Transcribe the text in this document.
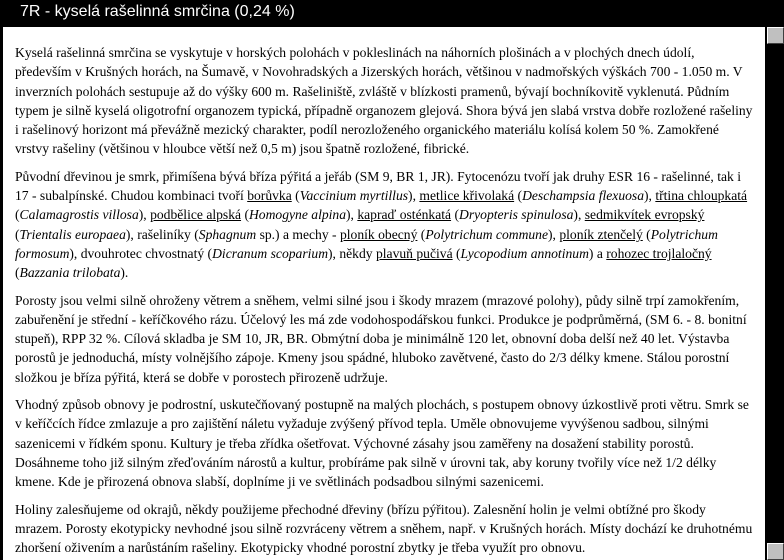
7R - kyselá rašelinná smrčina (0,24 %)

Kyselá rašelinná smrčina se vyskytuje v horských polohách v pokleslinách na náhorních plošinách a v plochých dnech údolí, především v Krušných horách, na Šumavě, v Novohradských a Jizerských horách, většinou v nadmořských výškách 700 - 1.050 m. V inverzních polohách sestupuje až do výšky 600 m. Rašeliniště, zvláště v blízkosti pramenů, bývají bochníkovitě vyklenutá. Půdním typem je silně kyselá oligotrofní organozem typická, případně organozem glejová. Shora bývá jen slabá vrstva dobře rozložené rašeliny i rašelinový horizont má převážně mezický charakter, podíl nerozloženého organického materiálu kolísá kolem 50 %. Zamokřené vrstvy rašeliny (většinou v hloubce větší než 0,5 m) jsou špatně rozložené, fibrické.

Původní dřevinou je smrk, přimíšena bývá bříza pýřitá a jeřáb (SM 9, BR 1, JR). Fytocenózu tvoří jak druhy ESR 16 - rašelinné, tak i 17 - subalpínské. Chudou kombinaci tvoří borůvka (Vaccinium myrtillus), metlice křivolaká (Deschampsia flexuosa), třtina chloupkatá (Calamagrostis villosa), podbělice alpská (Homogyne alpina), kapraď osténkatá (Dryopteris spinulosa), sedmikvítek evropský (Trientalis europaea), rašeliníky (Sphagnum sp.) a mechy - ploník obecný (Polytrichum commune), ploník ztenčelý (Polytrichum formosum), dvouhrotec chvostnatý (Dicranum scoparium), někdy plavuň pučivá (Lycopodium annotinum) a rohozec trojlaločný (Bazzania trilobata).

Porosty jsou velmi silně ohroženy větrem a sněhem, velmi silné jsou i škody mrazem (mrazové polohy), půdy silně trpí zamokřením, zabuřenění je střední - keříčkového rázu. Účelový les má zde vodohospodářskou funkci. Produkce je podprůměrná, (SM 6. - 8. bonitní stupeň), RPP 32 %. Cílová skladba je SM 10, JR, BR. Obmýtní doba je minimálně 120 let, obnovní doba delší než 40 let. Výstavba porostů je jednoduchá, místy volnějšího zápoje. Kmeny jsou spádné, hluboko zavětvené, často do 2/3 délky kmene. Stálou porostní složkou je bříza pýřitá, která se dobře v porostech přirozeně udržuje.

Vhodný způsob obnovy je podrostní, uskutečňovaný postupně na malých plochách, s postupem obnovy úzkostlivě proti větru. Smrk se v keříčcích řídce zmlazuje a pro zajištění náletu vyžaduje zvýšený přívod tepla. Uměle obnovujeme vyvýšenou sadbou, silnými sazenicemi v řídkém sponu. Kultury je třeba zřídka ošetřovat. Výchovné zásahy jsou zaměřeny na dosažení stability porostů. Dosáhneme toho již silným zřeďováním nárostů a kultur, probíráme pak silně v úrovni tak, aby koruny tvořily více než 1/2 délky kmene. Kde je přirozená obnova slabší, doplníme ji ve světlinách podsadbou silnými sazenicemi.

Holiny zalesňujeme od okrajů, někdy použijeme přechodné dřeviny (břízu pýřitou). Zalesnění holin je velmi obtížné pro škody mrazem. Porosty ekotypicky nevhodné jsou silně rozvráceny větrem a sněhem, např. v Krušných horách. Místy dochází ke druhotnému zhoršení oživením a narůstáním rašeliny. Ekotypicky vhodné porostní zbytky je třeba využít pro obnovu.
